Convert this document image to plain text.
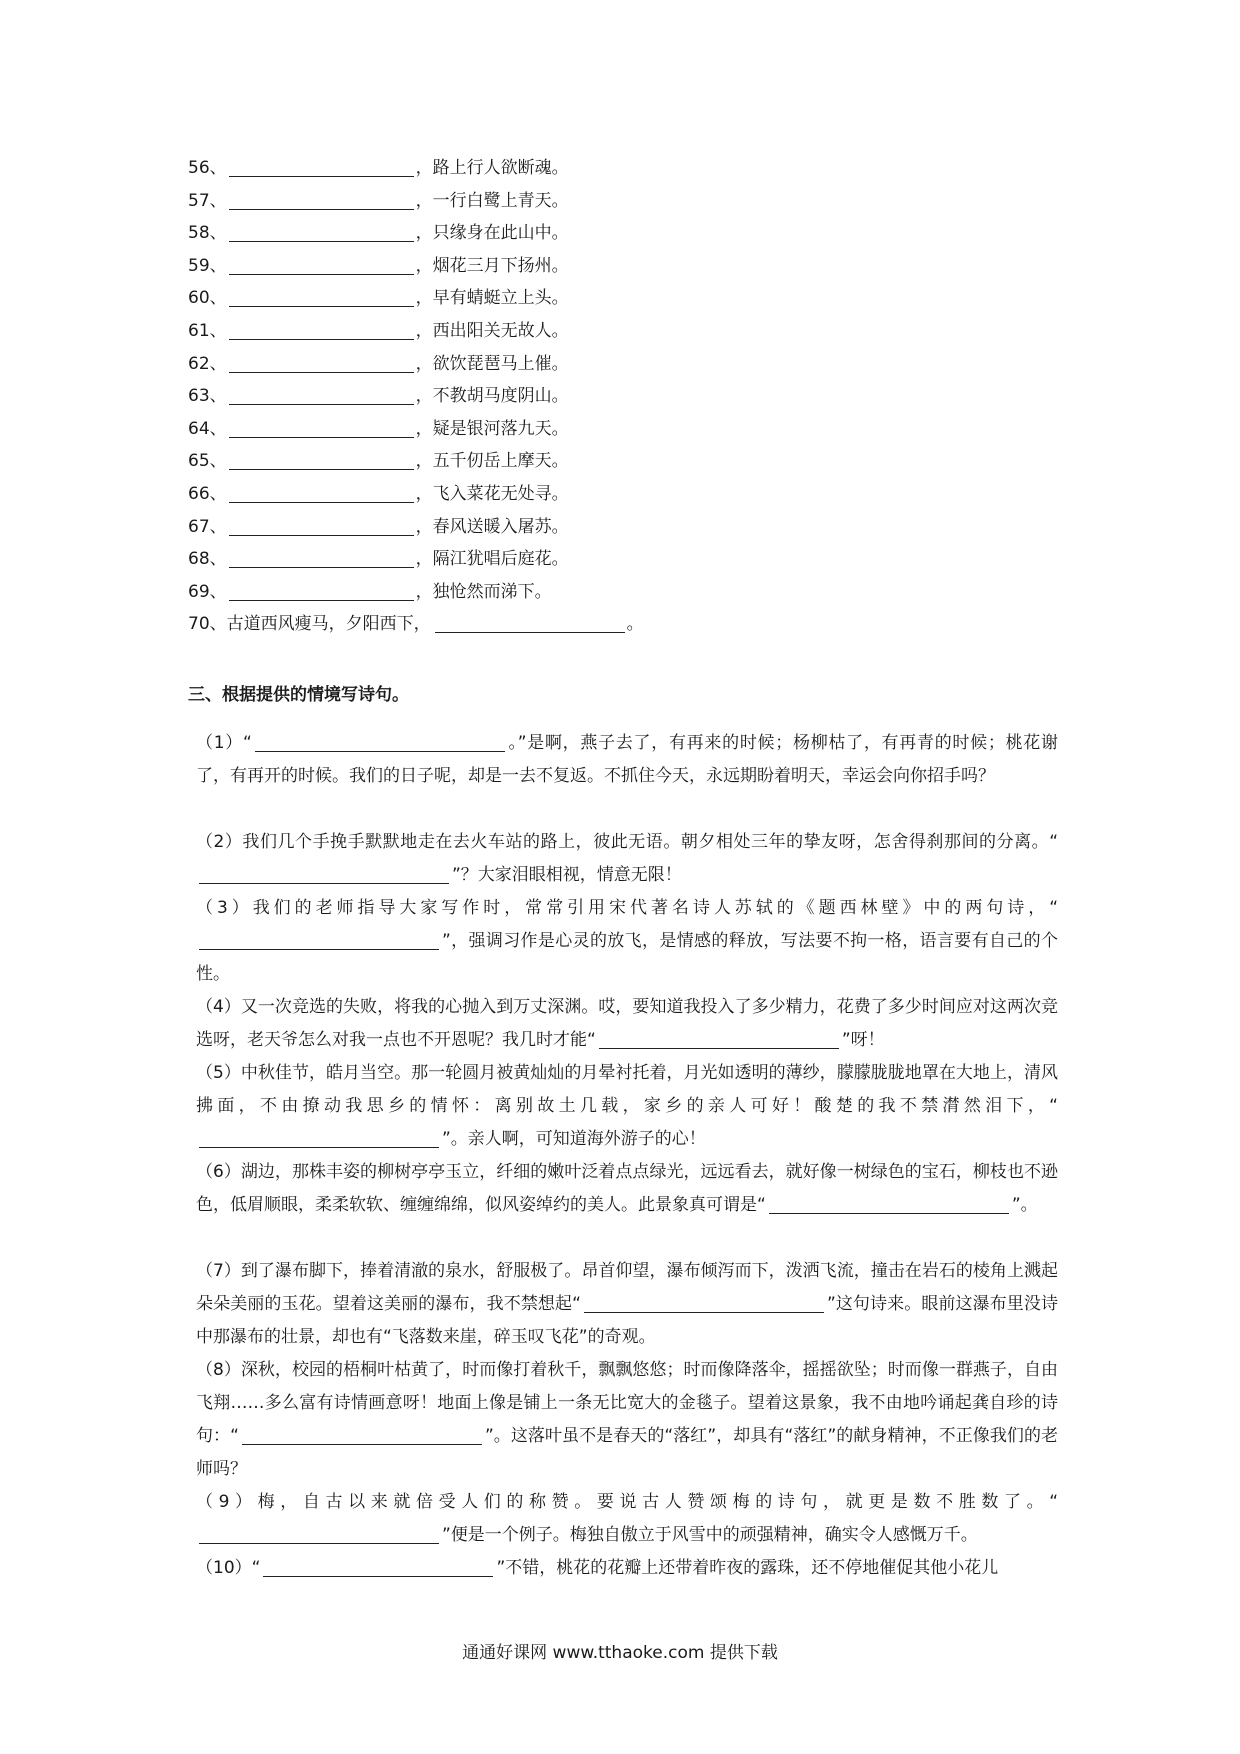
56、	，路上行人欲断魂。
57、	，一行白鹭上青天。
58、	，只缘身在此山中。
59、	，烟花三月下扬州。
60、	，早有蜻蜓立上头。
61、	，西出阳关无故人。
62、	，欲饮琵琶马上催。
63、	，不教胡马度阴山。
64、	，疑是银河落九天。
65、	，五千仞岳上摩天。
66、	，飞入菜花无处寻。
67、	，春风送暖入屠苏。
68、	，隔江犹唱后庭花。
69、	，独怆然而涕下。
70、古道西风瘦马，夕阳西下，	。
三、根据提供的情境写诗句。

（1）“	。”是啊，燕子去了，有再来的时候；杨柳枯了，有再青的时候；桃花谢了，有再开的时候。我们的日子呢，却是一去不复返。不抓住今天，永远期盼着明天，幸运会向你招手吗？

（2）我们几个手挽手默默地走在去火车站的路上，彼此无语。朝夕相处三年的挚友呀，怎舍得刹那间的分离。“”？大家泪眼相视，情意无限！

（3）我们的老师指导大家写作时，常常引用宋代著名诗人苏轼的《题西林壁》中的两句诗，“”，强调习作是心灵的放飞，是情感的释放，写法要不拘一格，语言要有自己的个性。

（4）又一次竞选的失败，将我的心抛入到万丈深渊。哎，要知道我投入了多少精力，花费了多少时间应对这两次竞选呀，老天爷怎么对我一点也不开恩呢？我几时才能“	”呀！

（5）中秋佳节，皓月当空。那一轮圆月被黄灿灿的月晕衬托着，月光如透明的薄纱，朦朦胧胧地罩在大地上，清风拂面，不由撩动我思乡的情怀：离别故土几载，家乡的亲人可好！酸楚的我不禁潸然泪下，“”。亲人啊，可知道海外游子的心！

（6）湖边，那株丰姿的柳树亭亭玉立，纤细的嫩叶泛着点点绿光，远远看去，就好像一树绿色的宝石，柳枝也不逊色，低眉顺眼，柔柔软软、缠缠绵绵，似风姿绰约的美人。此景象真可谓是“	”。

（7）到了瀑布脚下，捧着清澈的泉水，舒服极了。昂首仰望，瀑布倾泻而下，泼洒飞流，撞击在岩石的棱角上溅起朵朵美丽的玉花。望着这美丽的瀑布，我不禁想起“	”这句诗来。眼前这瀑布里没诗中那瀑布的壮景，却也有“飞落数来崖，碎玉叹飞花”的奇观。

（8）深秋，校园的梧桐叶枯黄了，时而像打着秋千，飘飘悠悠；时而像降落伞，摇摇欲坠；时而像一群燕子，自由飞翔……多么富有诗情画意呀！地面上像是铺上一条无比宽大的金毯子。望着这景象，我不由地吟诵起龚自珍的诗句：“	”。这落叶虽不是春天的“落红”，却具有“落红”的献身精神，不正像我们的老师吗？

（9）梅，自古以来就倍受人们的称赞。要说古人赞颂梅的诗句，就更是数不胜数了。“”便是一个例子。梅独自傲立于风雪中的顽强精神，确实令人感慨万千。

（10）“	”不错，桃花的花瓣上还带着昨夜的露珠，还不停地催促其他小花儿

通通好课网 www.tthaoke.com 提供下载
